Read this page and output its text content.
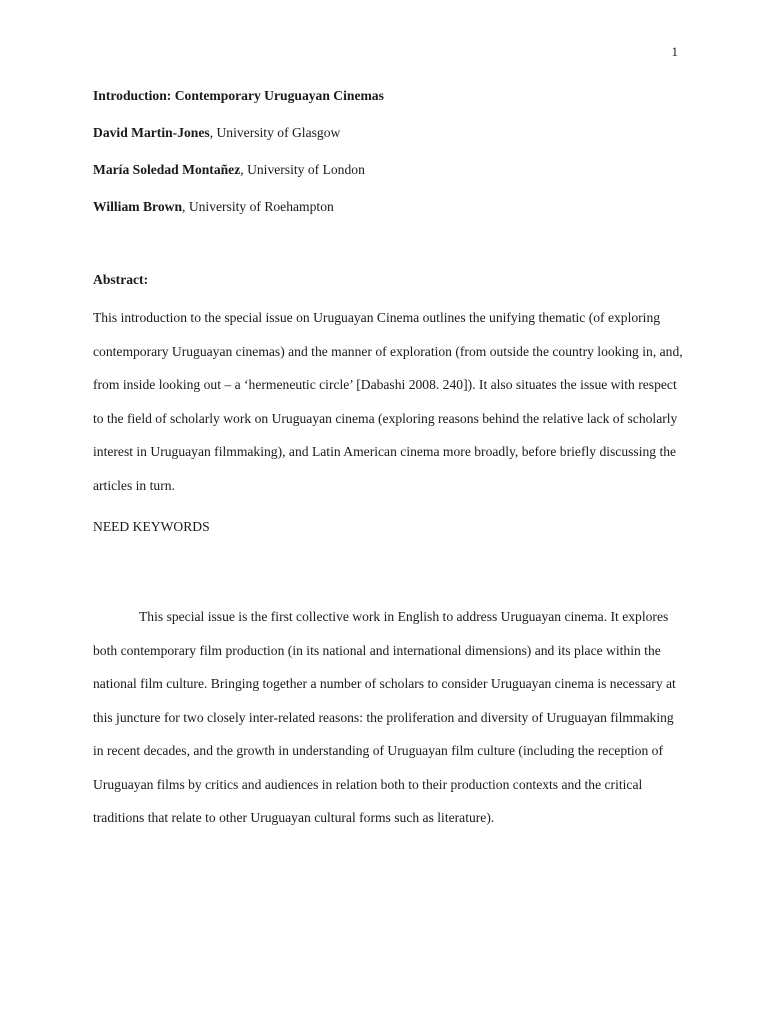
1

Introduction: Contemporary Uruguayan Cinemas

David Martin-Jones, University of Glasgow

María Soledad Montañez, University of London

William Brown, University of Roehampton

Abstract:

This introduction to the special issue on Uruguayan Cinema outlines the unifying thematic (of exploring contemporary Uruguayan cinemas) and the manner of exploration (from outside the country looking in, and, from inside looking out – a ‘hermeneutic circle’ [Dabashi 2008. 240]). It also situates the issue with respect to the field of scholarly work on Uruguayan cinema (exploring reasons behind the relative lack of scholarly interest in Uruguayan filmmaking), and Latin American cinema more broadly, before briefly discussing the articles in turn.

NEED KEYWORDS

This special issue is the first collective work in English to address Uruguayan cinema. It explores both contemporary film production (in its national and international dimensions) and its place within the national film culture. Bringing together a number of scholars to consider Uruguayan cinema is necessary at this juncture for two closely inter-related reasons: the proliferation and diversity of Uruguayan filmmaking in recent decades, and the growth in understanding of Uruguayan film culture (including the reception of Uruguayan films by critics and audiences in relation both to their production contexts and the critical traditions that relate to other Uruguayan cultural forms such as literature).
